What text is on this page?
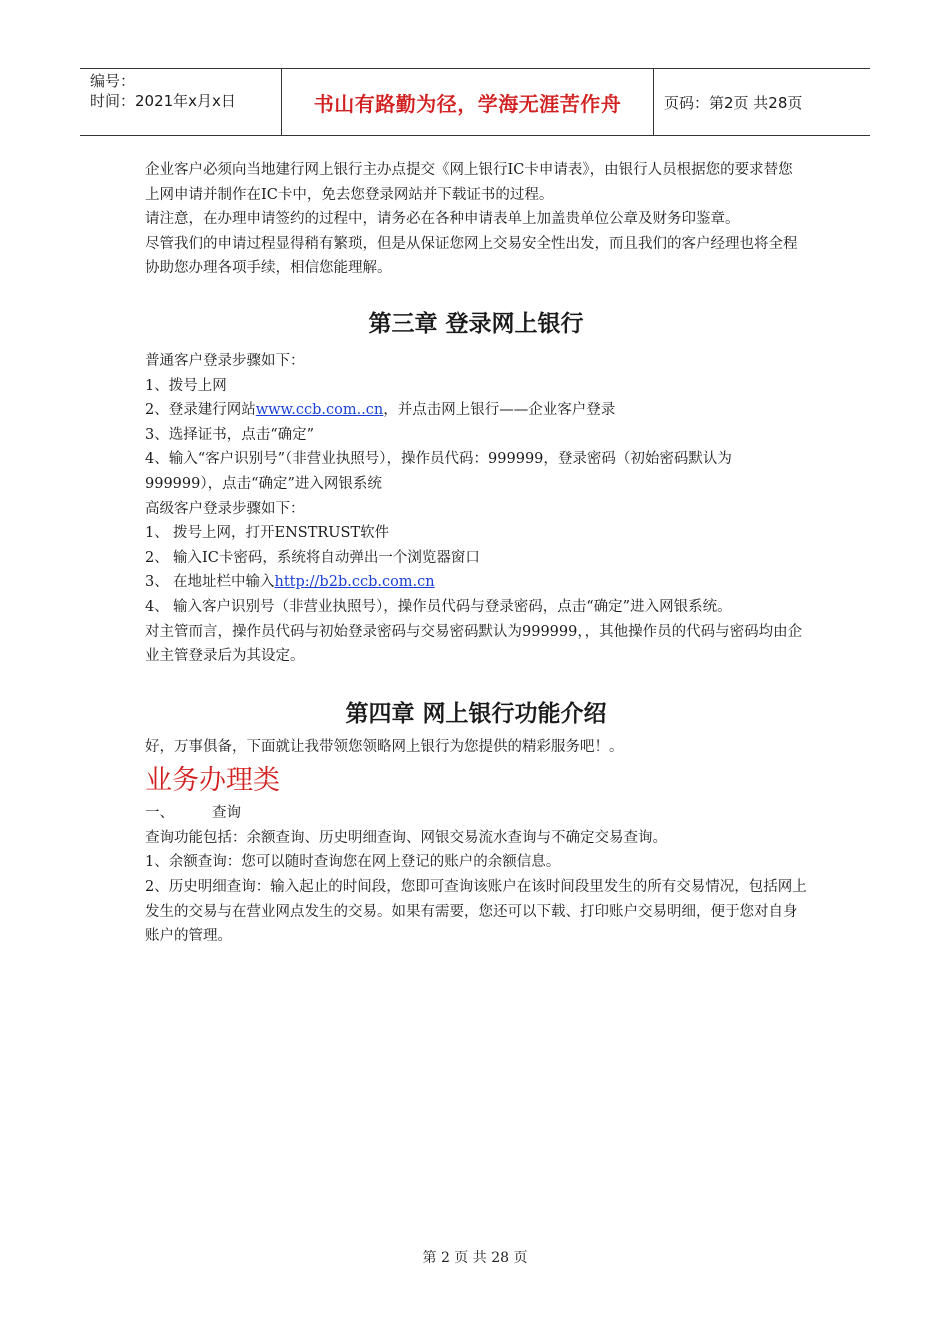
编号：
时间：2021年x月x日	书山有路勤为径，学海无涯苦作舟	页码：第2页 共28页

企业客户必须向当地建行网上银行主办点提交《网上银行IC卡申请表》，由银行人员根据您的要求替您上网申请并制作在IC卡中，免去您登录网站并下载证书的过程。

请注意，在办理申请签约的过程中，请务必在各种申请表单上加盖贵单位公章及财务印鉴章。

尽管我们的申请过程显得稍有繁琐，但是从保证您网上交易安全性出发，而且我们的客户经理也将全程协助您办理各项手续，相信您能理解。

第三章 登录网上银行

普通客户登录步骤如下：

1、拨号上网

2、登录建行网站www.ccb.com..cn，并点击网上银行——企业客户登录

3、选择证书，点击“确定”

4、输入“客户识别号”（非营业执照号），操作员代码：999999，登录密码（初始密码默认为999999），点击“确定”进入网银系统

高级客户登录步骤如下：

1、 拨号上网，打开ENSTRUST软件

2、 输入IC卡密码，系统将自动弹出一个浏览器窗口

3、 在地址栏中输入http://b2b.ccb.com.cn

4、 输入客户识别号（非营业执照号），操作员代码与登录密码，点击“确定”进入网银系统。

对主管而言，操作员代码与初始登录密码与交易密码默认为999999，，其他操作员的代码与密码均由企业主管登录后为其设定。

第四章 网上银行功能介绍

好，万事俱备，下面就让我带领您领略网上银行为您提供的精彩服务吧！。

业务办理类

一、	查询

查询功能包括：余额查询、历史明细查询、网银交易流水查询与不确定交易查询。

1、余额查询：您可以随时查询您在网上登记的账户的余额信息。

2、历史明细查询：输入起止的时间段，您即可查询该账户在该时间段里发生的所有交易情况，包括网上发生的交易与在营业网点发生的交易。如果有需要，您还可以下载、打印账户交易明细，便于您对自身账户的管理。

第 2 页 共 28 页
